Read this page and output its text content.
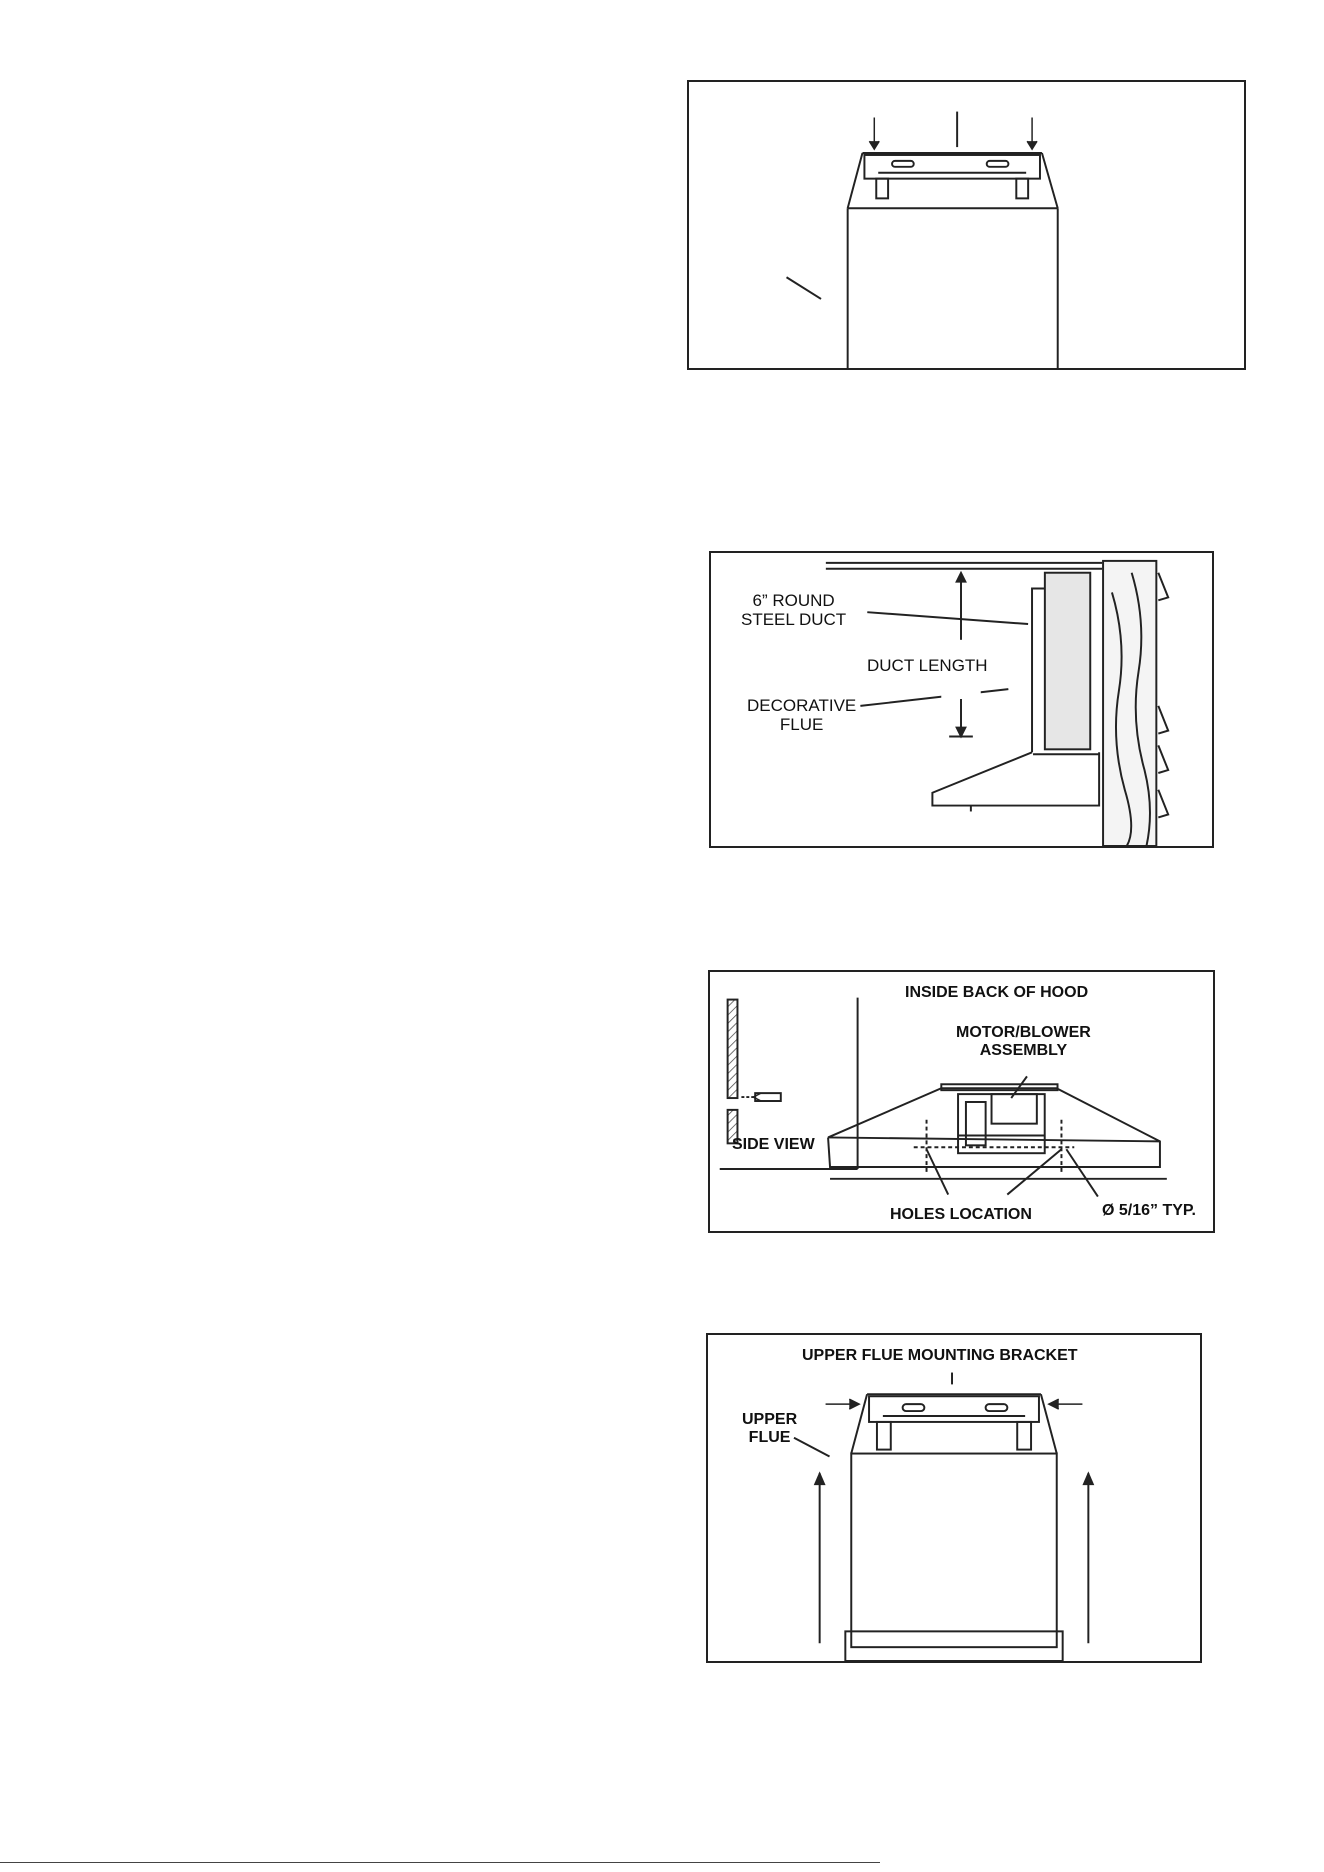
6” ROUND
STEEL DUCT
DUCT LENGTH
DECORATIVE
FLUE
INSIDE BACK OF HOOD
MOTOR/BLOWER
ASSEMBLY
SIDE VIEW
HOLES LOCATION	Ø 5/16” TYP.
UPPER FLUE MOUNTING BRACKET
UPPER
FLUE
